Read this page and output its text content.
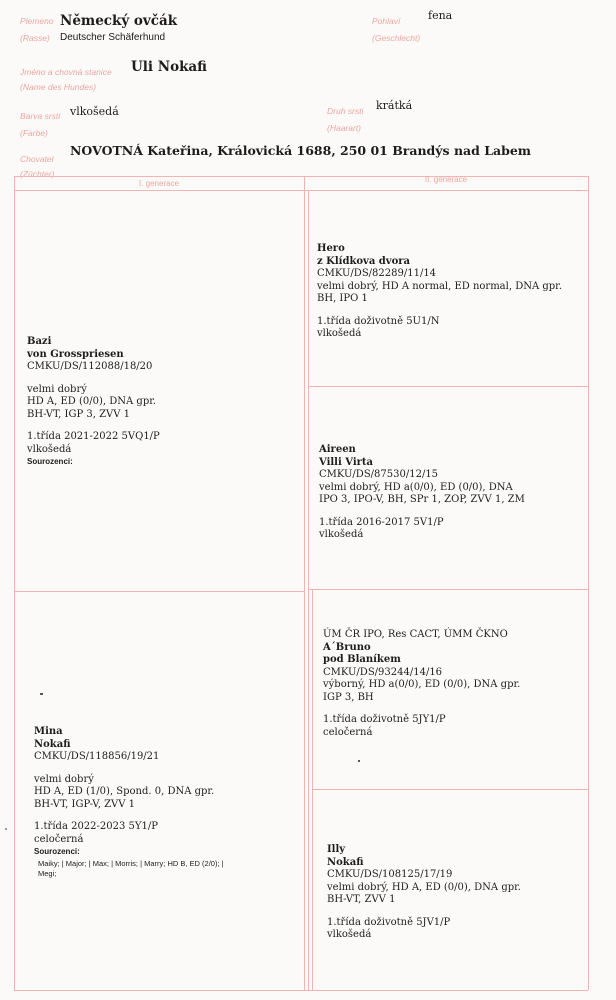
Plemeno
(Rasse)
Německý ovčák
Deutscher Schäferhund
Pohlaví
(Geschlecht)
fena
Jméno a chovná stanice
(Name des Hundes)
Uli Nokafi
Barva srsti
(Farbe)
vlkošedá	Druh srsti
(Haarart)
krátká
Chovatel
(Züchter)
NOVOTNÁ Kateřina, Královická 1688, 250 01 Brandýs nad Labem
I. generace	II. generace
Bazi
von Grosspriesen
CMKU/DS/112088/18/20
velmi dobrý
HD A, ED (0/0), DNA gpr.
BH-VT, IGP 3, ZVV 1
1.třída 2021-2022 5VQ1/P
vlkošedá
Sourozenci:
Mina
Nokafi
CMKU/DS/118856/19/21
velmi dobrý
HD A, ED (1/0), Spond. 0, DNA gpr.
BH-VT, IGP-V, ZVV 1
1.třída 2022-2023 5Y1/P
celočerná
Sourozenci:
Maiky; | Major; | Max; | Morris; | Marry; HD B, ED (2/0); |
Megi;
Hero
z Klídkova dvora
CMKU/DS/82289/11/14
velmi dobrý, HD A normal, ED normal, DNA gpr.
BH, IPO 1
1.třída doživotně 5U1/N
vlkošedá
Aireen
Villi Virta
CMKU/DS/87530/12/15
velmi dobrý, HD a(0/0), ED (0/0), DNA
IPO 3, IPO-V, BH, SPr 1, ZOP, ZVV 1, ZM
1.třída 2016-2017 5V1/P
vlkošedá
ÚM ČR IPO, Res CACT, ÚMM ČKNO
A´Bruno
pod Blaníkem
CMKU/DS/93244/14/16
výborný, HD a(0/0), ED (0/0), DNA gpr.
IGP 3, BH
1.třída doživotně 5JY1/P
celočerná
Illy
Nokafi
CMKU/DS/108125/17/19
velmi dobrý, HD A, ED (0/0), DNA gpr.
BH-VT, ZVV 1
1.třída doživotně 5JV1/P
vlkošedá
